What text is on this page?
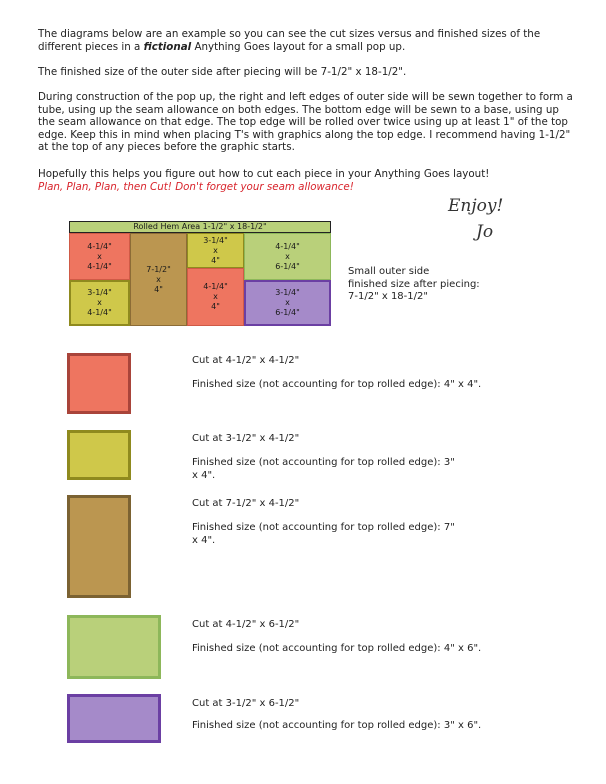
The diagrams below are an example so you can see the cut sizes versus and finished sizes of the different pieces in a fictional Anything Goes layout for a small pop up.

The finished size of the outer side after piecing will be 7-1/2" x 18-1/2".

During construction of the pop up, the right and left edges of outer side will be sewn together to form a tube, using up the seam allowance on both edges. The bottom edge will be sewn to a base, using up the seam allowance on that edge. The top edge will be rolled over twice using up at least 1" of the top edge. Keep this in mind when placing T's with graphics along the top edge. I recommend having 1-1/2" at the top of any pieces before the graphic starts.

Hopefully this helps you figure out how to cut each piece in your Anything Goes layout!

Plan, Plan, Plan, then Cut! Don't forget your seam allowance!

Enjoy!
Jo
Rolled Hem Area 1-1/2" x 18-1/2"
4-1/4"
x
4-1/4"
3-1/4"
x
4-1/4"
7-1/2"
x
4"
3-1/4"
x
4"
4-1/4"
x
4"
4-1/4"
x
6-1/4"
3-1/4"
x
6-1/4"
Small outer side
finished size after piecing:
7-1/2" x 18-1/2"
Cut at 4-1/2" x 4-1/2"
Finished size (not accounting for top rolled edge): 4" x 4".
Cut at 3-1/2" x 4-1/2"
Finished size (not accounting for top rolled edge): 3" x 4".
Cut at 7-1/2" x 4-1/2"
Finished size (not accounting for top rolled edge): 7" x 4".
Cut at 4-1/2" x 6-1/2"
Finished size (not accounting for top rolled edge): 4" x 6".
Cut at 3-1/2" x 6-1/2"
Finished size (not accounting for top rolled edge): 3" x 6".
